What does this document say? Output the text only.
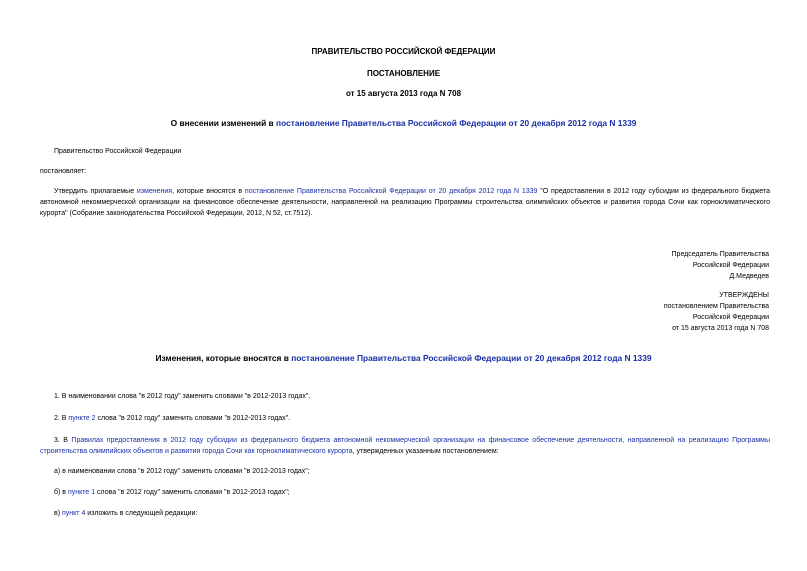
ПРАВИТЕЛЬСТВО РОССИЙСКОЙ ФЕДЕРАЦИИ
ПОСТАНОВЛЕНИЕ
от 15 августа 2013 года N 708
О внесении изменений в постановление Правительства Российской Федерации от 20 декабря 2012 года N 1339
Правительство Российской Федерации
постановляет:
Утвердить прилагаемые изменения, которые вносятся в постановление Правительства Российской Федерации от 20 декабря 2012 года N 1339 "О предоставлении в 2012 году субсидии из федерального бюджета автономной некоммерческой организации на финансовое обеспечение деятельности, направленной на реализацию Программы строительства олимпийских объектов и развития города Сочи как горноклиматического курорта" (Собрание законодательства Российской Федерации, 2012, N 52, ст.7512).
Председатель Правительства
Российской Федерации
Д.Медведев
УТВЕРЖДЕНЫ
постановлением Правительства
Российской Федерации
от 15 августа 2013 года N 708
Изменения, которые вносятся в постановление Правительства Российской Федерации от 20 декабря 2012 года N 1339
1. В наименовании слова "в 2012 году" заменить словами "в 2012-2013 годах".
2. В пункте 2 слова "в 2012 году" заменить словами "в 2012-2013 годах".
3. В Правилах предоставления в 2012 году субсидии из федерального бюджета автономной некоммерческой организации на финансовое обеспечение деятельности, направленной на реализацию Программы строительства олимпийских объектов и развития города Сочи как горноклиматического курорта, утвержденных указанным постановлением:
а) в наименовании слова "в 2012 году" заменить словами "в 2012-2013 годах";
б) в пункте 1 слова "в 2012 году" заменить словами "в 2012-2013 годах";
в) пункт 4 изложить в следующей редакции:
